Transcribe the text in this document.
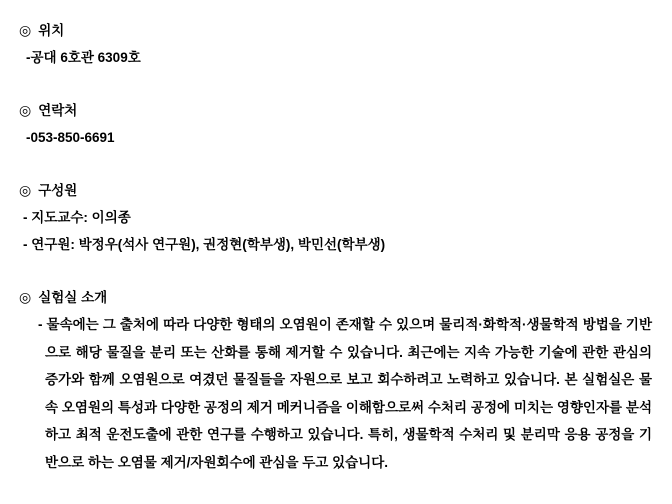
◎ 위치
-공대 6호관 6309호
◎ 연락처
-053-850-6691
◎ 구성원
- 지도교수: 이의종
- 연구원: 박정우(석사 연구원), 권정현(학부생), 박민선(학부생)
◎ 실험실 소개
- 물속에는 그 출처에 따라 다양한 형태의 오염원이 존재할 수 있으며 물리적·화학적·생물학적 방법을 기반으로 해당 물질을 분리 또는 산화를 통해 제거할 수 있습니다. 최근에는 지속 가능한 기술에 관한 관심의 증가와 함께 오염원으로 여겼던 물질들을 자원으로 보고 회수하려고 노력하고 있습니다. 본 실험실은 물속 오염원의 특성과 다양한 공정의 제거 메커니즘을 이해함으로써 수처리 공정에 미치는 영향인자를 분석하고 최적 운전도출에 관한 연구를 수행하고 있습니다. 특히, 생물학적 수처리 및 분리막 응용 공정을 기반으로 하는 오염물 제거/자원회수에 관심을 두고 있습니다.
